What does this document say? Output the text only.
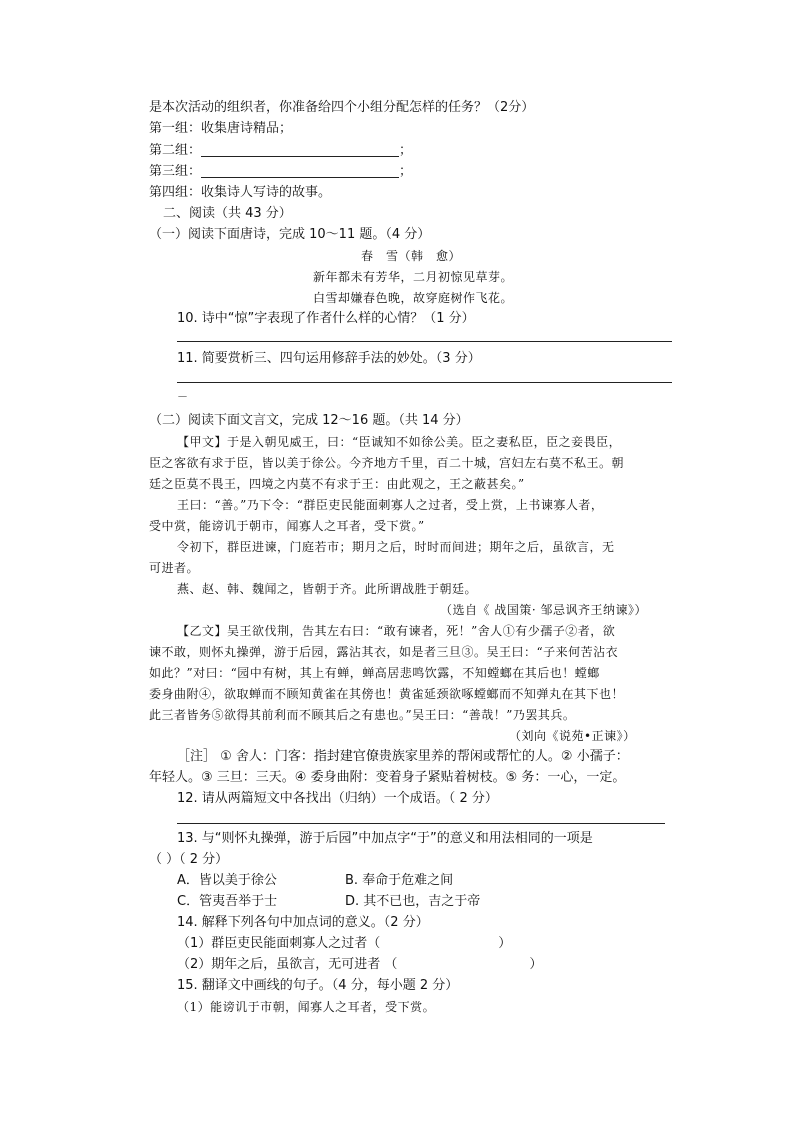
是本次活动的组织者，你准备给四个小组分配怎样的任务？（2分）
第一组：收集唐诗精品；
第二组：	；
第三组：	；
第四组：收集诗人写诗的故事。
二、阅读（共 43 分）
（一）阅读下面唐诗，完成 10～11 题。（4 分）
春　雪（韩　愈）
新年都未有芳华，二月初惊见草芽。
白雪却嫌春色晚，故穿庭树作飞花。
10. 诗中“惊”字表现了作者什么样的心情？（1 分）
11. 简要赏析三、四句运用修辞手法的妙处。（3 分）
－
（二）阅读下面文言文，完成 12～16 题。（共 14 分）
【甲文】于是入朝见威王，曰：“臣诚知不如徐公美。臣之妻私臣，臣之妾畏臣，
臣之客欲有求于臣，皆以美于徐公。今齐地方千里，百二十城，宫妇左右莫不私王。朝
廷之臣莫不畏王，四境之内莫不有求于王：由此观之，王之蔽甚矣。”
王曰：“善。”乃下令：“群臣吏民能面刺寡人之过者，受上赏，上书谏寡人者，
受中赏，能谤讥于朝市，闻寡人之耳者，受下赏。”
令初下，群臣进谏，门庭若市；期月之后，时时而间进；期年之后，虽欲言，无
可进者。
燕、赵、韩、魏闻之，皆朝于齐。此所谓战胜于朝廷。
（选自《 战国策· 邹忌讽齐王纳谏》）
【乙文】吴王欲伐荆，告其左右曰：“敢有谏者，死！”舍人①有少孺子②者，欲
谏不敢，则怀丸操弹，游于后园，露沾其衣，如是者三旦③。吴王曰：“子来何苦沾衣
如此？”对曰：“园中有树，其上有蝉，蝉高居悲鸣饮露，不知螳螂在其后也！螳螂
委身曲附④，欲取蝉而不顾知黄雀在其傍也！黄雀延颈欲啄螳螂而不知弹丸在其下也！
此三者皆务⑤欲得其前利而不顾其后之有患也。”吴王曰：“善哉！”乃罢其兵。
（刘向《说苑•正谏》）
［注］ ① 舍人：门客：指封建官僚贵族家里养的帮闲或帮忙的人。② 小孺子：
年轻人。③ 三旦：三天。④ 委身曲附：变着身子紧贴着树枝。⑤ 务：一心，一定。
12. 请从两篇短文中各找出（归纳）一个成语。（ 2 分）
13. 与“则怀丸操弹，游于后园”中加点字“于”的意义和用法相同的一项是
（ ）（ 2 分）
A．皆以美于徐公	B. 奉命于危难之间
C．管夷吾举于士	D. 其不已也，吉之于帝
14. 解释下列各句中加点词的意义。（2 分）
（1）群臣吏民能面刺寡人之过者（	）
（2）期年之后，虽欲言，无可进者 （	）
15. 翻译文中画线的句子。（4 分，每小题 2 分）
（1）能谤讥于市朝，闻寡人之耳者，受下赏。
